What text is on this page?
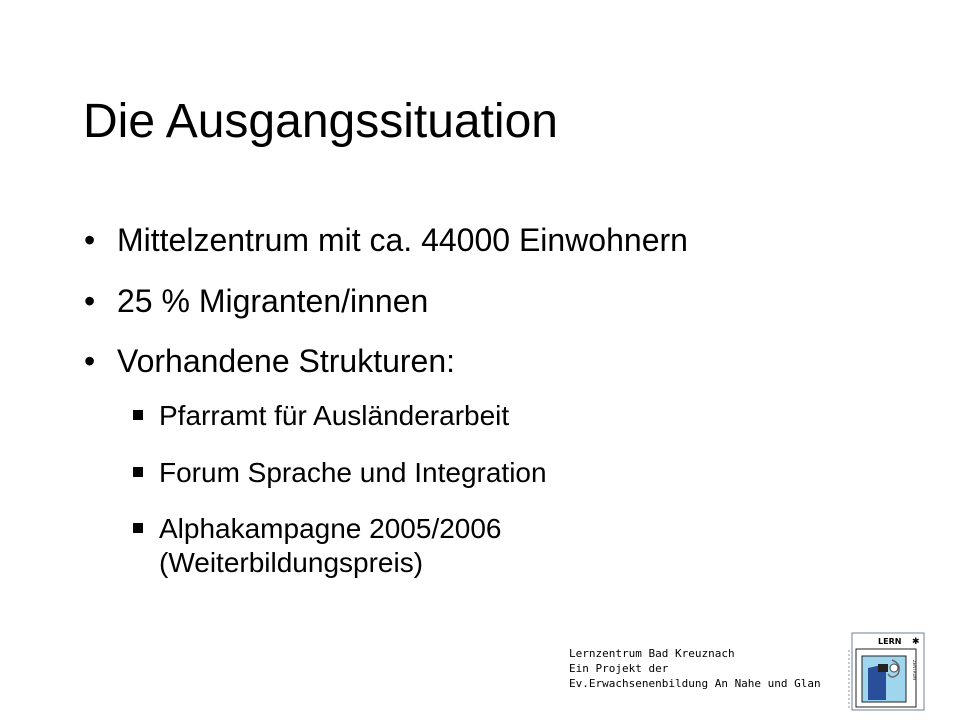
Die Ausgangssituation
• Mittelzentrum mit ca. 44000 Einwohnern
• 25 % Migranten/innen
• Vorhandene Strukturen:
Pfarramt für Ausländerarbeit
Forum Sprache und Integration
Alphakampagne 2005/2006
(Weiterbildungspreis)
Lernzentrum Bad Kreuznach
Ein Projekt der
Ev.Erwachsenenbildung An Nahe und Glan
LERN ✱
ZENTRUM
